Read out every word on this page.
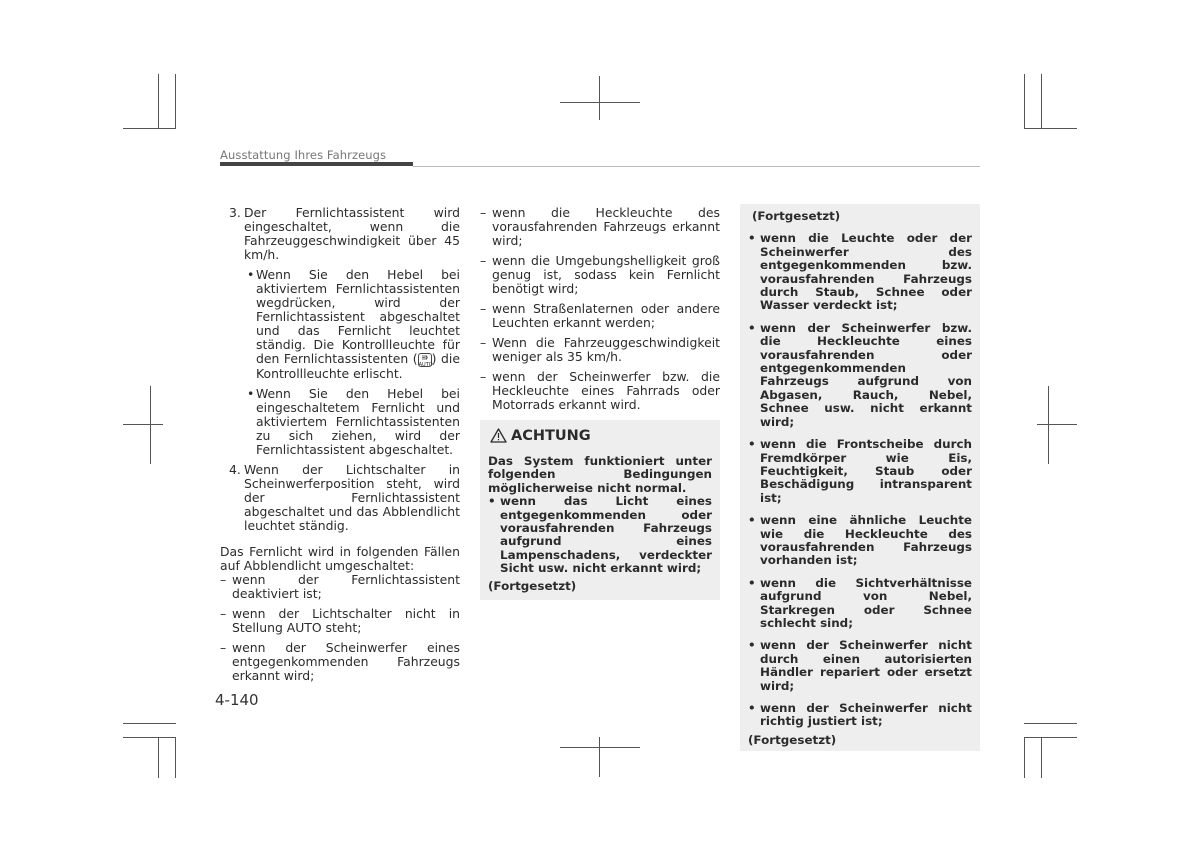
Ausstattung Ihres Fahrzeugs
3. Der Fernlichtassistent wird eingeschaltet, wenn die Fahrzeuggeschwindigkeit über 45 km/h.
• Wenn Sie den Hebel bei aktiviertem Fernlichtassistenten wegdrücken, wird der Fernlichtassistent abgeschaltet und das Fernlicht leuchtet ständig. Die Kontrollleuchte für den Fernlichtassistenten (
AUTO) die Kontrollleuchte erlischt.
• Wenn Sie den Hebel bei eingeschaltetem Fernlicht und aktiviertem Fernlichtassistenten zu sich ziehen, wird der Fernlichtassistent abgeschaltet.
4. Wenn der Lichtschalter in Scheinwerferposition steht, wird der Fernlichtassistent abgeschaltet und das Abblendlicht leuchtet ständig.
Das Fernlicht wird in folgenden Fällen auf Abblendlicht umgeschaltet:
– wenn der Fernlichtassistent deaktiviert ist;
– wenn der Lichtschalter nicht in Stellung AUTO steht;
– wenn der Scheinwerfer eines entgegenkommenden Fahrzeugs erkannt wird;
– wenn die Heckleuchte des vorausfahrenden Fahrzeugs erkannt wird;
– wenn die Umgebungshelligkeit groß genug ist, sodass kein Fernlicht benötigt wird;
– wenn Straßenlaternen oder andere Leuchten erkannt werden;
– Wenn die Fahrzeuggeschwindigkeit weniger als 35 km/h.
– wenn der Scheinwerfer bzw. die Heckleuchte eines Fahrrads oder Motorrads erkannt wird.
ACHTUNG
Das System funktioniert unter folgenden Bedingungen möglicherweise nicht normal.
• wenn das Licht eines entgegenkommenden oder vorausfahrenden Fahrzeugs aufgrund eines Lampenschadens, verdeckter Sicht usw. nicht erkannt wird;
(Fortgesetzt)
(Fortgesetzt)
• wenn die Leuchte oder der Scheinwerfer des entgegenkommenden bzw. vorausfahrenden Fahrzeugs durch Staub, Schnee oder Wasser verdeckt ist;
• wenn der Scheinwerfer bzw. die Heckleuchte eines vorausfahrenden oder entgegenkommenden Fahrzeugs aufgrund von Abgasen, Rauch, Nebel, Schnee usw. nicht erkannt wird;
• wenn die Frontscheibe durch Fremdkörper wie Eis, Feuchtigkeit, Staub oder Beschädigung intransparent ist;
• wenn eine ähnliche Leuchte wie die Heckleuchte des vorausfahrenden Fahrzeugs vorhanden ist;
• wenn die Sichtverhältnisse aufgrund von Nebel, Starkregen oder Schnee schlecht sind;
• wenn der Scheinwerfer nicht durch einen autorisierten Händler repariert oder ersetzt wird;
• wenn der Scheinwerfer nicht richtig justiert ist;
(Fortgesetzt)
4-140
